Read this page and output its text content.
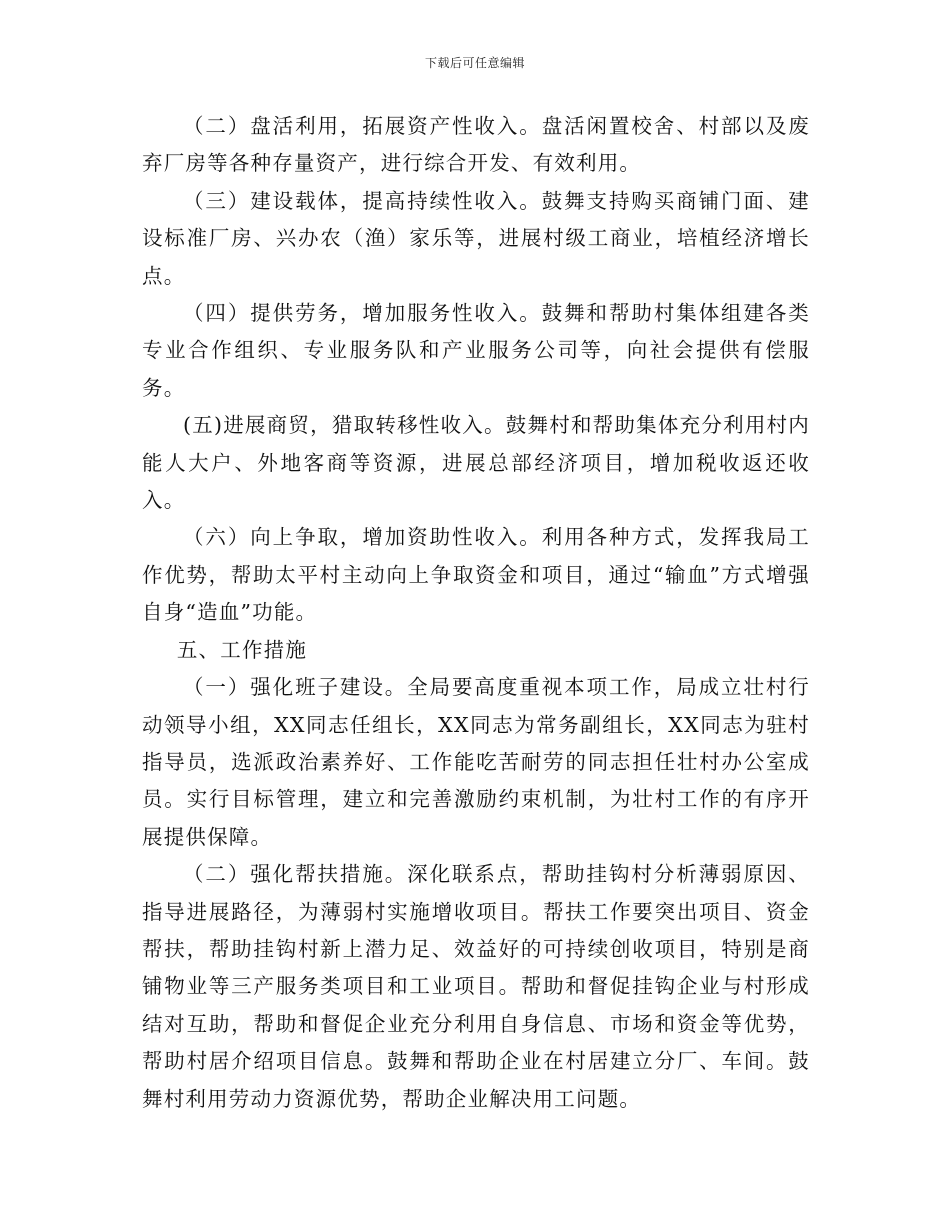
下载后可任意编辑

（二）盘活利用，拓展资产性收入。盘活闲置校舍、村部以及废弃厂房等各种存量资产，进行综合开发、有效利用。

（三）建设载体，提高持续性收入。鼓舞支持购买商铺门面、建设标准厂房、兴办农（渔）家乐等，进展村级工商业，培植经济增长点。

（四）提供劳务，增加服务性收入。鼓舞和帮助村集体组建各类专业合作组织、专业服务队和产业服务公司等，向社会提供有偿服务。

(五)进展商贸，猎取转移性收入。鼓舞村和帮助集体充分利用村内能人大户、外地客商等资源，进展总部经济项目，增加税收返还收入。

（六）向上争取，增加资助性收入。利用各种方式，发挥我局工作优势，帮助太平村主动向上争取资金和项目，通过“输血”方式增强自身“造血”功能。

五、工作措施

（一）强化班子建设。全局要高度重视本项工作，局成立壮村行动领导小组，XX同志任组长，XX同志为常务副组长，XX同志为驻村指导员，选派政治素养好、工作能吃苦耐劳的同志担任壮村办公室成员。实行目标管理，建立和完善激励约束机制，为壮村工作的有序开展提供保障。

（二）强化帮扶措施。深化联系点，帮助挂钩村分析薄弱原因、指导进展路径，为薄弱村实施增收项目。帮扶工作要突出项目、资金帮扶，帮助挂钩村新上潜力足、效益好的可持续创收项目，特别是商铺物业等三产服务类项目和工业项目。帮助和督促挂钩企业与村形成结对互助，帮助和督促企业充分利用自身信息、市场和资金等优势，帮助村居介绍项目信息。鼓舞和帮助企业在村居建立分厂、车间。鼓舞村利用劳动力资源优势，帮助企业解决用工问题。
